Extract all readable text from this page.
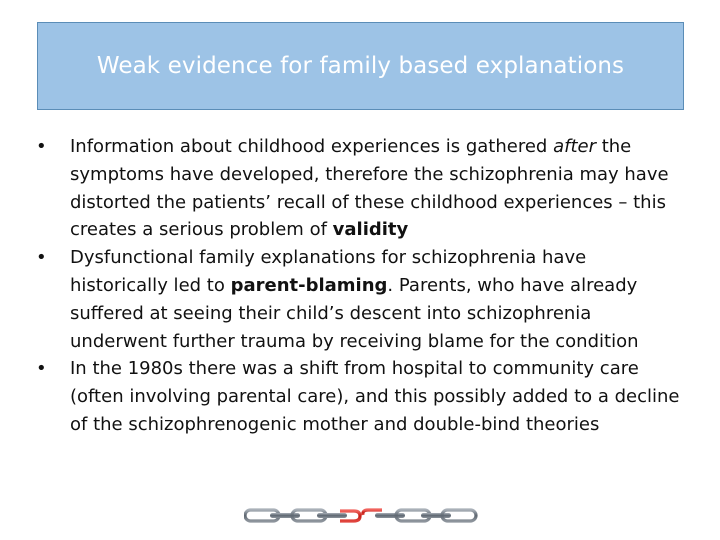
Weak evidence for family based explanations
• Information about childhood experiences is gathered after the symptoms have developed, therefore the schizophrenia may have distorted the patients’ recall of these childhood experiences – this creates a serious problem of validity
• Dysfunctional family explanations for schizophrenia have historically led to parent-blaming. Parents, who have already suffered at seeing their child’s descent into schizophrenia underwent further trauma by receiving blame for the condition
• In the 1980s there was a shift from hospital to community care (often involving parental care), and this possibly added to a decline of the schizophrenogenic mother and double-bind theories
